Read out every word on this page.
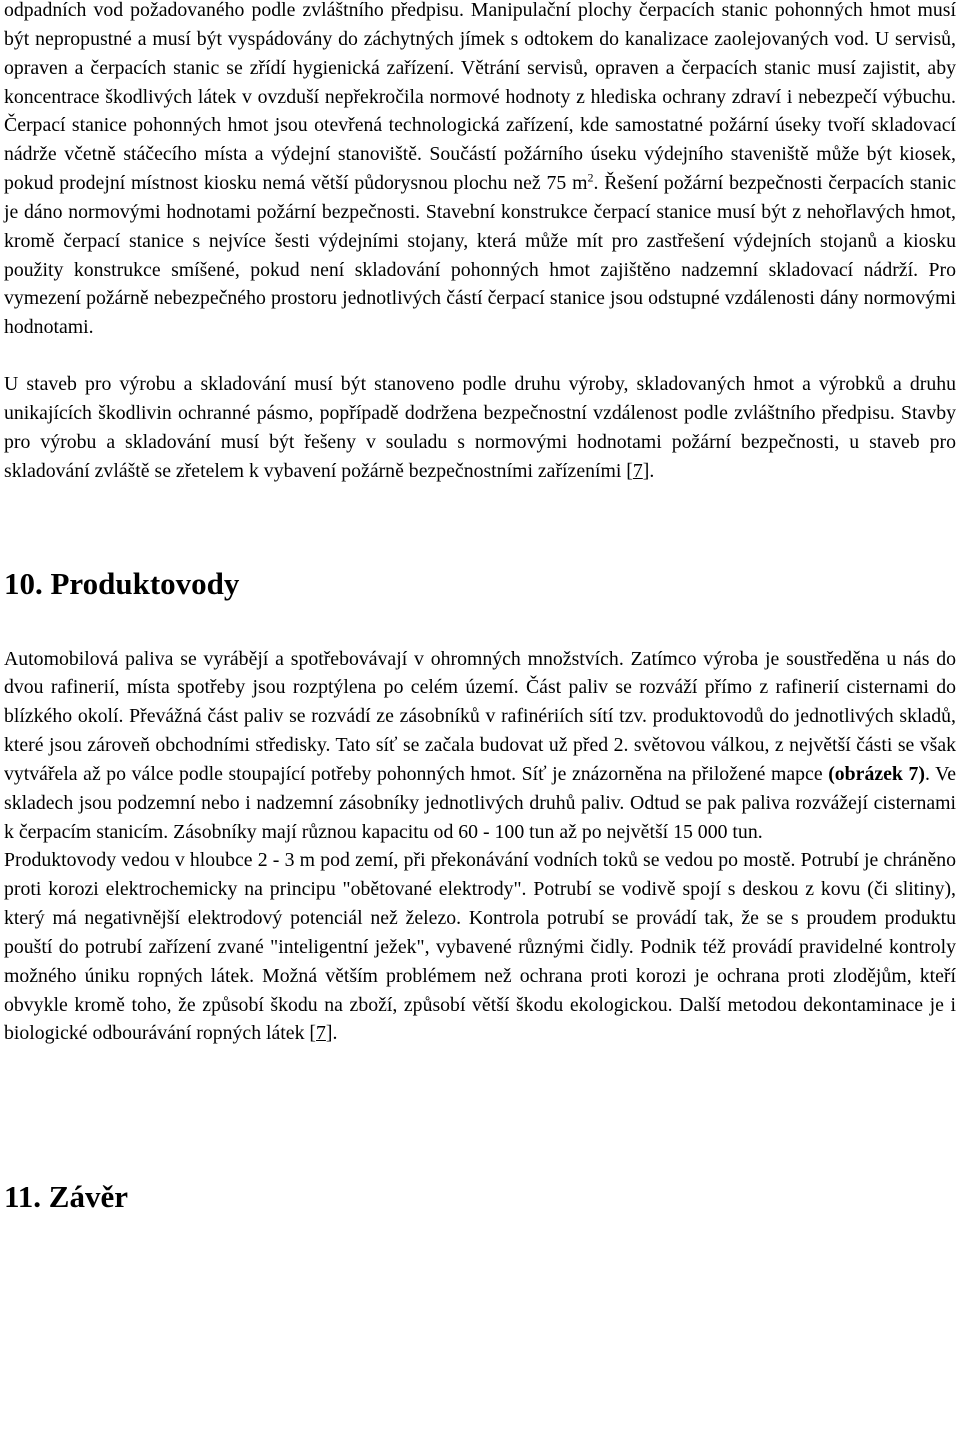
odpadních vod požadovaného podle zvláštního předpisu. Manipulační plochy čerpacích stanic pohonných hmot musí být nepropustné a musí být vyspádovány do záchytných jímek s odtokem do kanalizace zaolejovaných vod. U servisů, opraven a čerpacích stanic se zřídí hygienická zařízení. Větrání servisů, opraven a čerpacích stanic musí zajistit, aby koncentrace škodlivých látek v ovzduší nepřekročila normové hodnoty z hlediska ochrany zdraví i nebezpečí výbuchu. Čerpací stanice pohonných hmot jsou otevřená technologická zařízení, kde samostatné požární úseky tvoří skladovací nádrže včetně stáčecího místa a výdejní stanoviště. Součástí požárního úseku výdejního staveniště může být kiosek, pokud prodejní místnost kiosku nemá větší půdorysnou plochu než 75 $m^2$. Řešení požární bezpečnosti čerpacích stanic je dáno normovými hodnotami požární bezpečnosti. Stavební konstrukce čerpací stanice musí být z nehořlavých hmot, kromě čerpací stanice s nejvíce šesti výdejními stojany, která může mít pro zastřešení výdejních stojanů a kiosku použity konstrukce smíšené, pokud není skladování pohonných hmot zajištěno nadzemní skladovací nádrží. Pro vymezení požárně nebezpečného prostoru jednotlivých částí čerpací stanice jsou odstupné vzdálenosti dány normovými hodnotami.

U staveb pro výrobu a skladování musí být stanoveno podle druhu výroby, skladovaných hmot a výrobků a druhu unikajících škodlivin ochranné pásmo, popřípadě dodržena bezpečnostní vzdálenost podle zvláštního předpisu. Stavby pro výrobu a skladování musí být řešeny v souladu s normovými hodnotami požární bezpečnosti, u staveb pro skladování zvláště se zřetelem k vybavení požárně bezpečnostními zařízeními [7].

10. Produktovody

Automobilová paliva se vyrábějí a spotřebovávají v ohromných množstvích. Zatímco výroba je soustředěna u nás do dvou rafinerií, místa spotřeby jsou rozptýlena po celém území. Část paliv se rozváží přímo z rafinerií cisternami do blízkého okolí. Převážná část paliv se rozvádí ze zásobníků v rafinériích sítí tzv. produktovodů do jednotlivých skladů, které jsou zároveň obchodními středisky. Tato síť se začala budovat už před 2. světovou válkou, z největší části se však vytvářela až po válce podle stoupající potřeby pohonných hmot. Síť je znázorněna na přiložené mapce (obrázek 7). Ve skladech jsou podzemní nebo i nadzemní zásobníky jednotlivých druhů paliv. Odtud se pak paliva rozvážejí cisternami k čerpacím stanicím. Zásobníky mají různou kapacitu od 60 - 100 tun až po největší 15 000 tun.

Produktovody vedou v hloubce 2 - 3 m pod zemí, při překonávání vodních toků se vedou po mostě. Potrubí je chráněno proti korozi elektrochemicky na principu "obětované elektrody". Potrubí se vodivě spojí s deskou z kovu (či slitiny), který má negativnější elektrodový potenciál než železo. Kontrola potrubí se provádí tak, že se s proudem produktu pouští do potrubí zařízení zvané "inteligentní ježek", vybavené různými čidly. Podnik též provádí pravidelné kontroly možného úniku ropných látek. Možná větším problémem než ochrana proti korozi je ochrana proti zlodějům, kteří obvykle kromě toho, že způsobí škodu na zboží, způsobí větší škodu ekologickou. Další metodou dekontaminace je i biologické odbourávání ropných látek [7].

11. Závěr
